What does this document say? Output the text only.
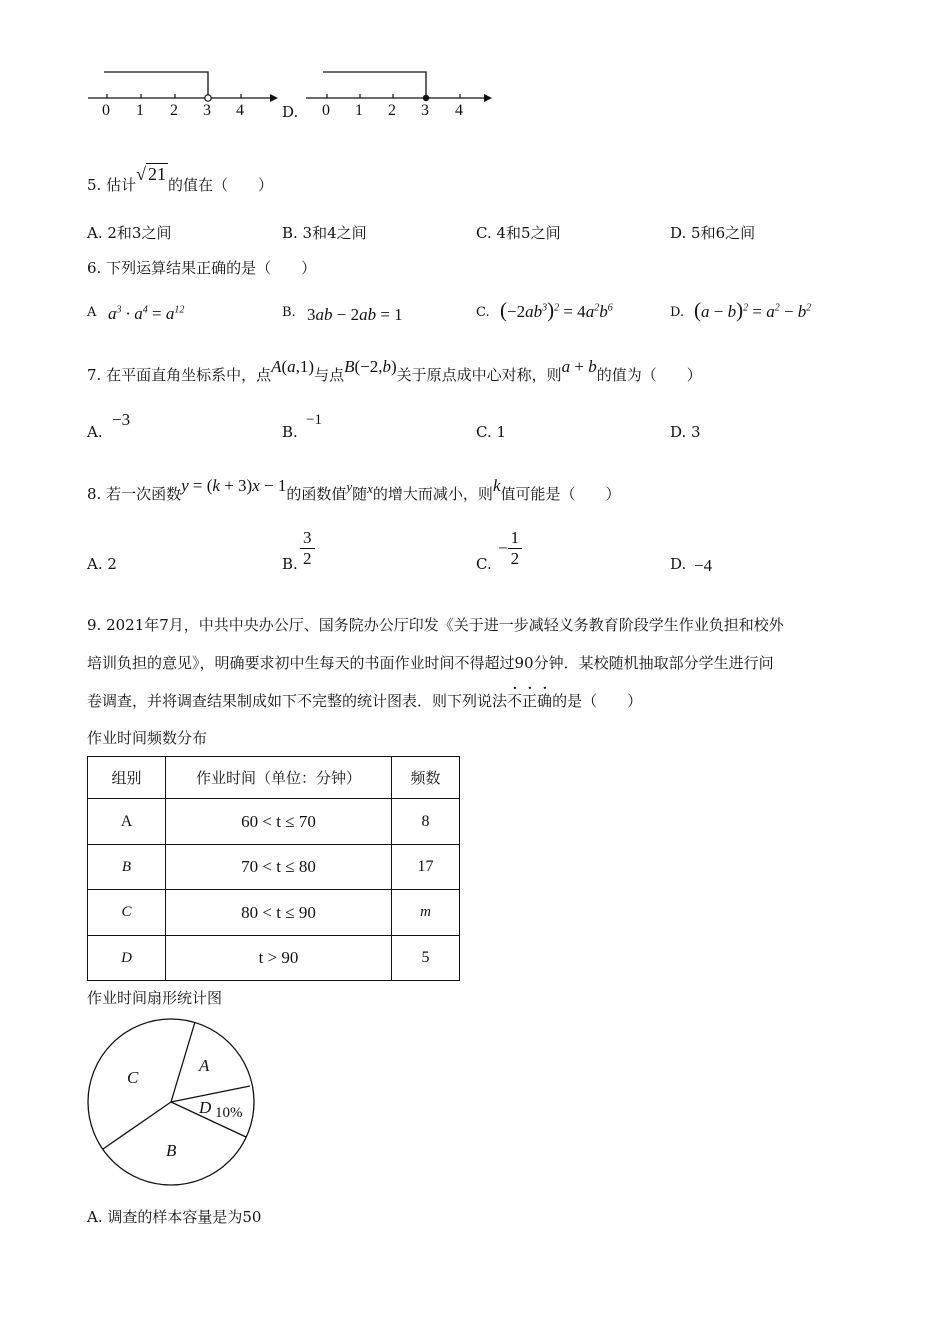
0 1 2 3 4	D. 0 1 2 3 4
5. 估计√ 21的值在（　　）
A. 2和3之间	B. 3和4之间	C. 4和5之间	D. 5和6之间
6. 下列运算结果正确的是（　　）
A $a^3 \cdot a^4 = a^{12}$	B. 3ab − 2ab = 1	C. $(-2ab^3)^2 = 4a^2b^6$	D. $(a - b)^2 = a^2 - b^2$
7. 在平面直角坐标系中，点A(a,1)与点B(−2,b)关于原点成中心对称，则a + b的值为（　　）
A.
−3
B.
−1
C. 1	D. 3
8. 若一次函数y = (k + 3)x − 1的函数值y随x的增大而减小，则k值可能是（　　）
A. 2	B. $\frac{3}{2}$	C.
− $\frac{1}{2}$	D. −4
9. 2021年7月，中共中央办公厅、国务院办公厅印发《关于进一步减轻义务教育阶段学生作业负担和校外
培训负担的意见》，明确要求初中生每天的书面作业时间不得超过90分钟．某校随机抽取部分学生进行问
卷调查，并将调查结果制成如下不完整的统计图表．则下列说法不正确的是（　　）
作业时间频数分布
组别	作业时间（单位：分钟）	频数
A	60 < t ≤ 70	8
B	70 < t ≤ 80	17
C	80 < t ≤ 90	m
D	t > 90	5
作业时间扇形统计图
A
B
C
D 10%
A. 调查的样本容量是为50
